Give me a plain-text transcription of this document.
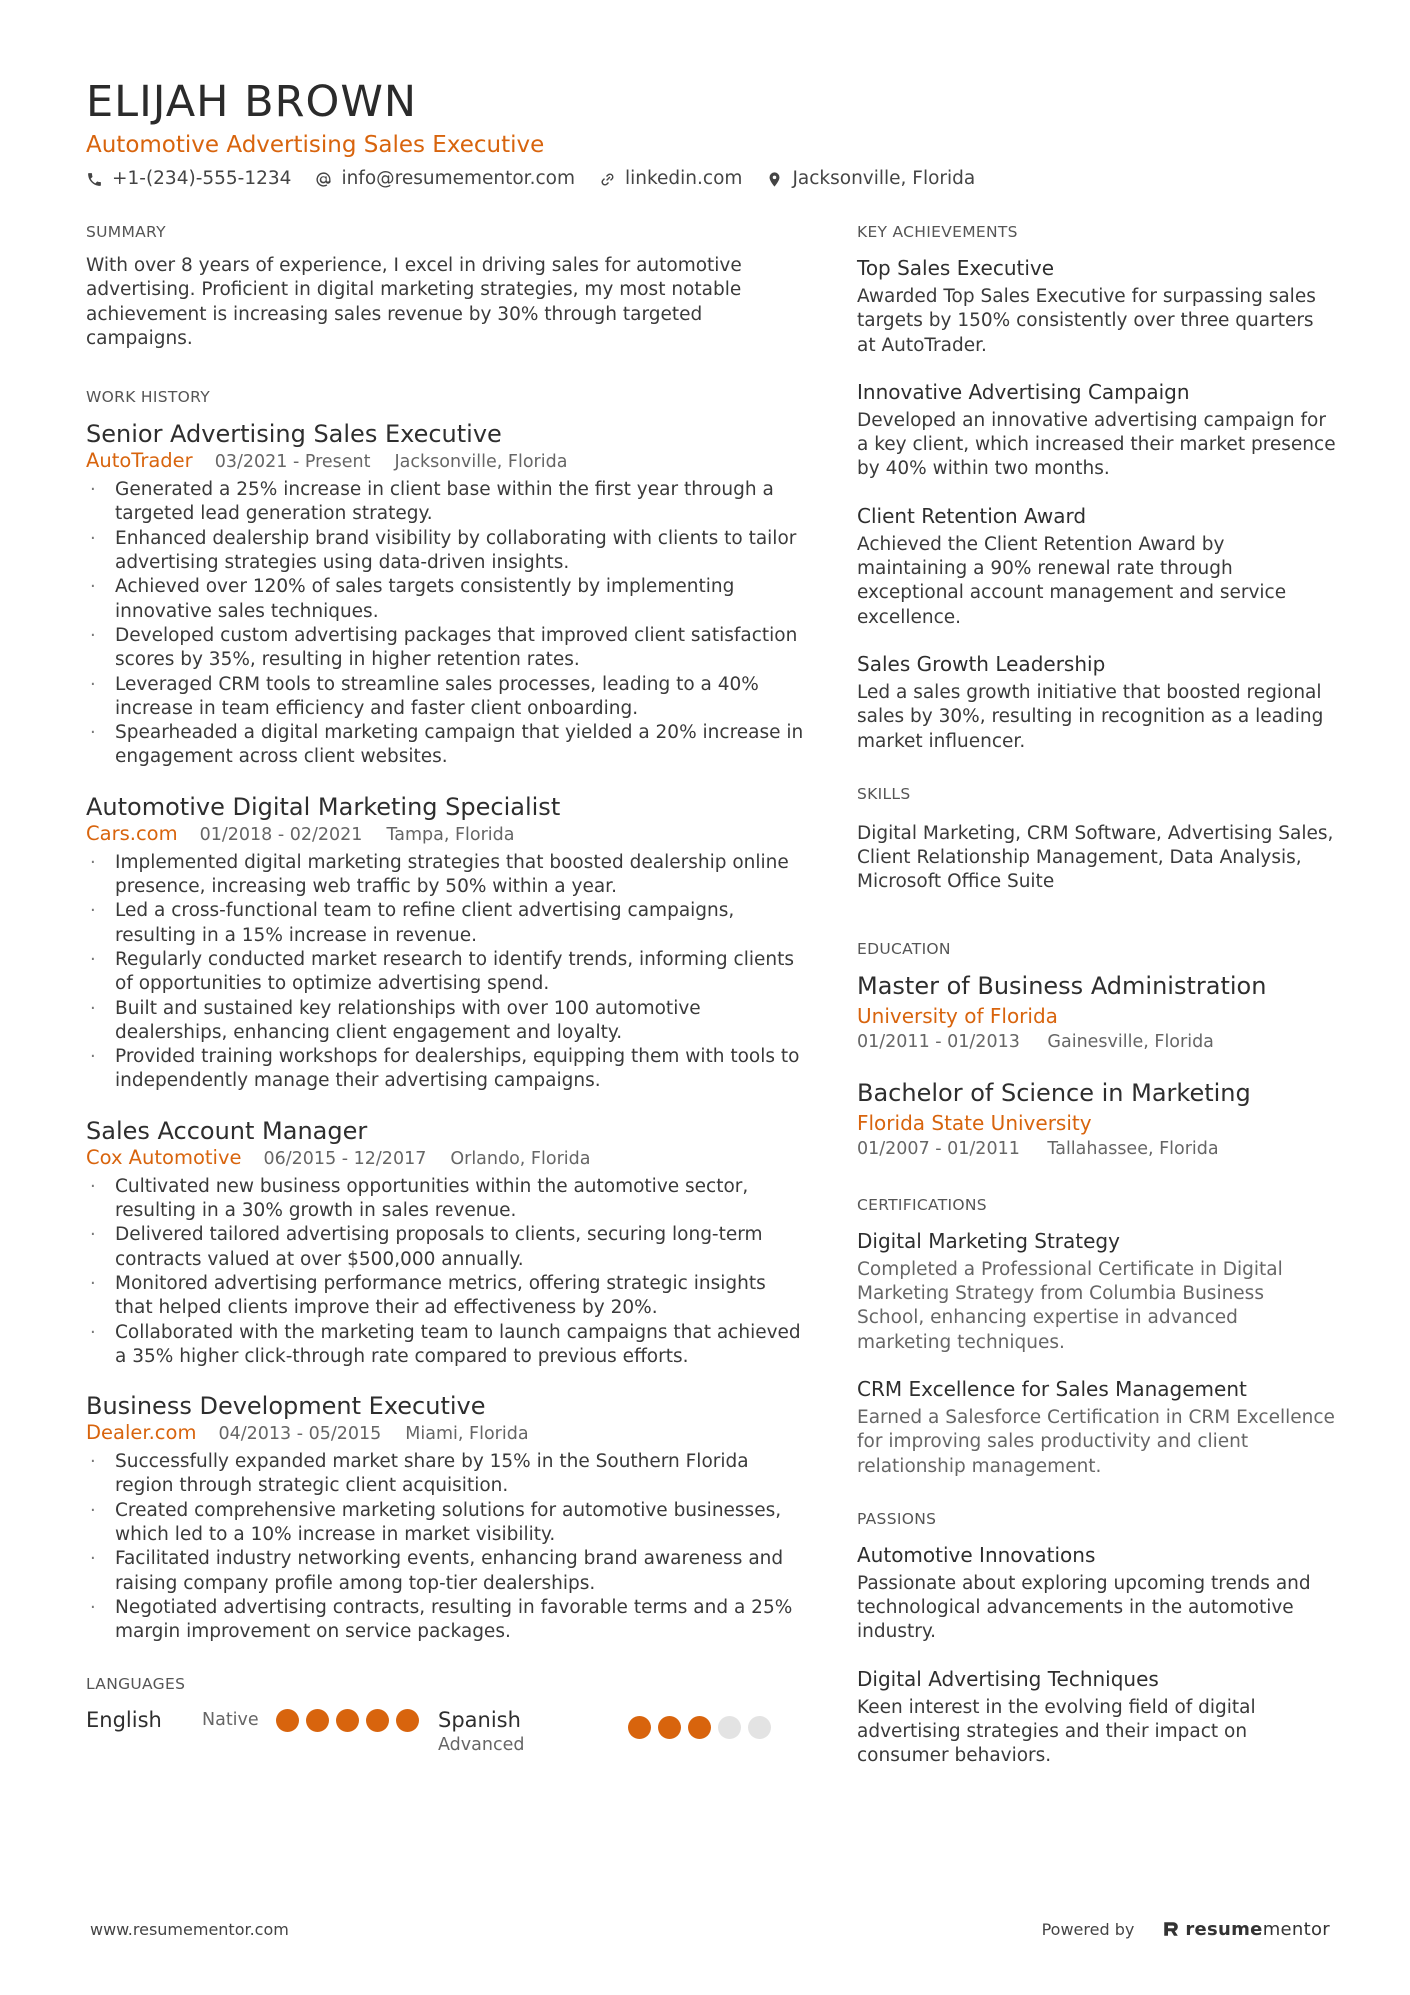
ELIJAH BROWN
Automotive Advertising Sales Executive
+1-(234)-555-1234	info@resumementor.com	linkedin.com	Jacksonville, Florida
SUMMARY
With over 8 years of experience, I excel in driving sales for automotive advertising. Proficient in digital marketing strategies, my most notable achievement is increasing sales revenue by 30% through targeted campaigns.
WORK HISTORY
Senior Advertising Sales Executive
AutoTrader 03/2021 - Present Jacksonville, Florida
· Generated a 25% increase in client base within the first year through a targeted lead generation strategy.
· Enhanced dealership brand visibility by collaborating with clients to tailor advertising strategies using data-driven insights.
· Achieved over 120% of sales targets consistently by implementing innovative sales techniques.
· Developed custom advertising packages that improved client satisfaction scores by 35%, resulting in higher retention rates.
· Leveraged CRM tools to streamline sales processes, leading to a 40% increase in team efficiency and faster client onboarding.
· Spearheaded a digital marketing campaign that yielded a 20% increase in engagement across client websites.
Automotive Digital Marketing Specialist
Cars.com 01/2018 - 02/2021 Tampa, Florida
· Implemented digital marketing strategies that boosted dealership online presence, increasing web traffic by 50% within a year.
· Led a cross-functional team to refine client advertising campaigns, resulting in a 15% increase in revenue.
· Regularly conducted market research to identify trends, informing clients of opportunities to optimize advertising spend.
· Built and sustained key relationships with over 100 automotive dealerships, enhancing client engagement and loyalty.
· Provided training workshops for dealerships, equipping them with tools to independently manage their advertising campaigns.
Sales Account Manager
Cox Automotive 06/2015 - 12/2017 Orlando, Florida
· Cultivated new business opportunities within the automotive sector, resulting in a 30% growth in sales revenue.
· Delivered tailored advertising proposals to clients, securing long-term contracts valued at over $500,000 annually.
· Monitored advertising performance metrics, offering strategic insights that helped clients improve their ad effectiveness by 20%.
· Collaborated with the marketing team to launch campaigns that achieved a 35% higher click-through rate compared to previous efforts.
Business Development Executive
Dealer.com 04/2013 - 05/2015 Miami, Florida
· Successfully expanded market share by 15% in the Southern Florida region through strategic client acquisition.
· Created comprehensive marketing solutions for automotive businesses, which led to a 10% increase in market visibility.
· Facilitated industry networking events, enhancing brand awareness and raising company profile among top-tier dealerships.
· Negotiated advertising contracts, resulting in favorable terms and a 25% margin improvement on service packages.
LANGUAGES
English	Native	Spanish
Advanced
KEY ACHIEVEMENTS
Top Sales Executive
Awarded Top Sales Executive for surpassing sales targets by 150% consistently over three quarters at AutoTrader.
Innovative Advertising Campaign
Developed an innovative advertising campaign for a key client, which increased their market presence by 40% within two months.
Client Retention Award
Achieved the Client Retention Award by maintaining a 90% renewal rate through exceptional account management and service excellence.
Sales Growth Leadership
Led a sales growth initiative that boosted regional sales by 30%, resulting in recognition as a leading market influencer.
SKILLS
Digital Marketing, CRM Software, Advertising Sales, Client Relationship Management, Data Analysis, Microsoft Office Suite
EDUCATION
Master of Business Administration
University of Florida
01/2011 - 01/2013 Gainesville, Florida
Bachelor of Science in Marketing
Florida State University
01/2007 - 01/2011 Tallahassee, Florida
CERTIFICATIONS
Digital Marketing Strategy
Completed a Professional Certificate in Digital Marketing Strategy from Columbia Business School, enhancing expertise in advanced marketing techniques.
CRM Excellence for Sales Management
Earned a Salesforce Certification in CRM Excellence for improving sales productivity and client relationship management.
PASSIONS
Automotive Innovations
Passionate about exploring upcoming trends and technological advancements in the automotive industry.
Digital Advertising Techniques
Keen interest in the evolving field of digital advertising strategies and their impact on consumer behaviors.
www.resumementor.com	Powered by	resume mentor
